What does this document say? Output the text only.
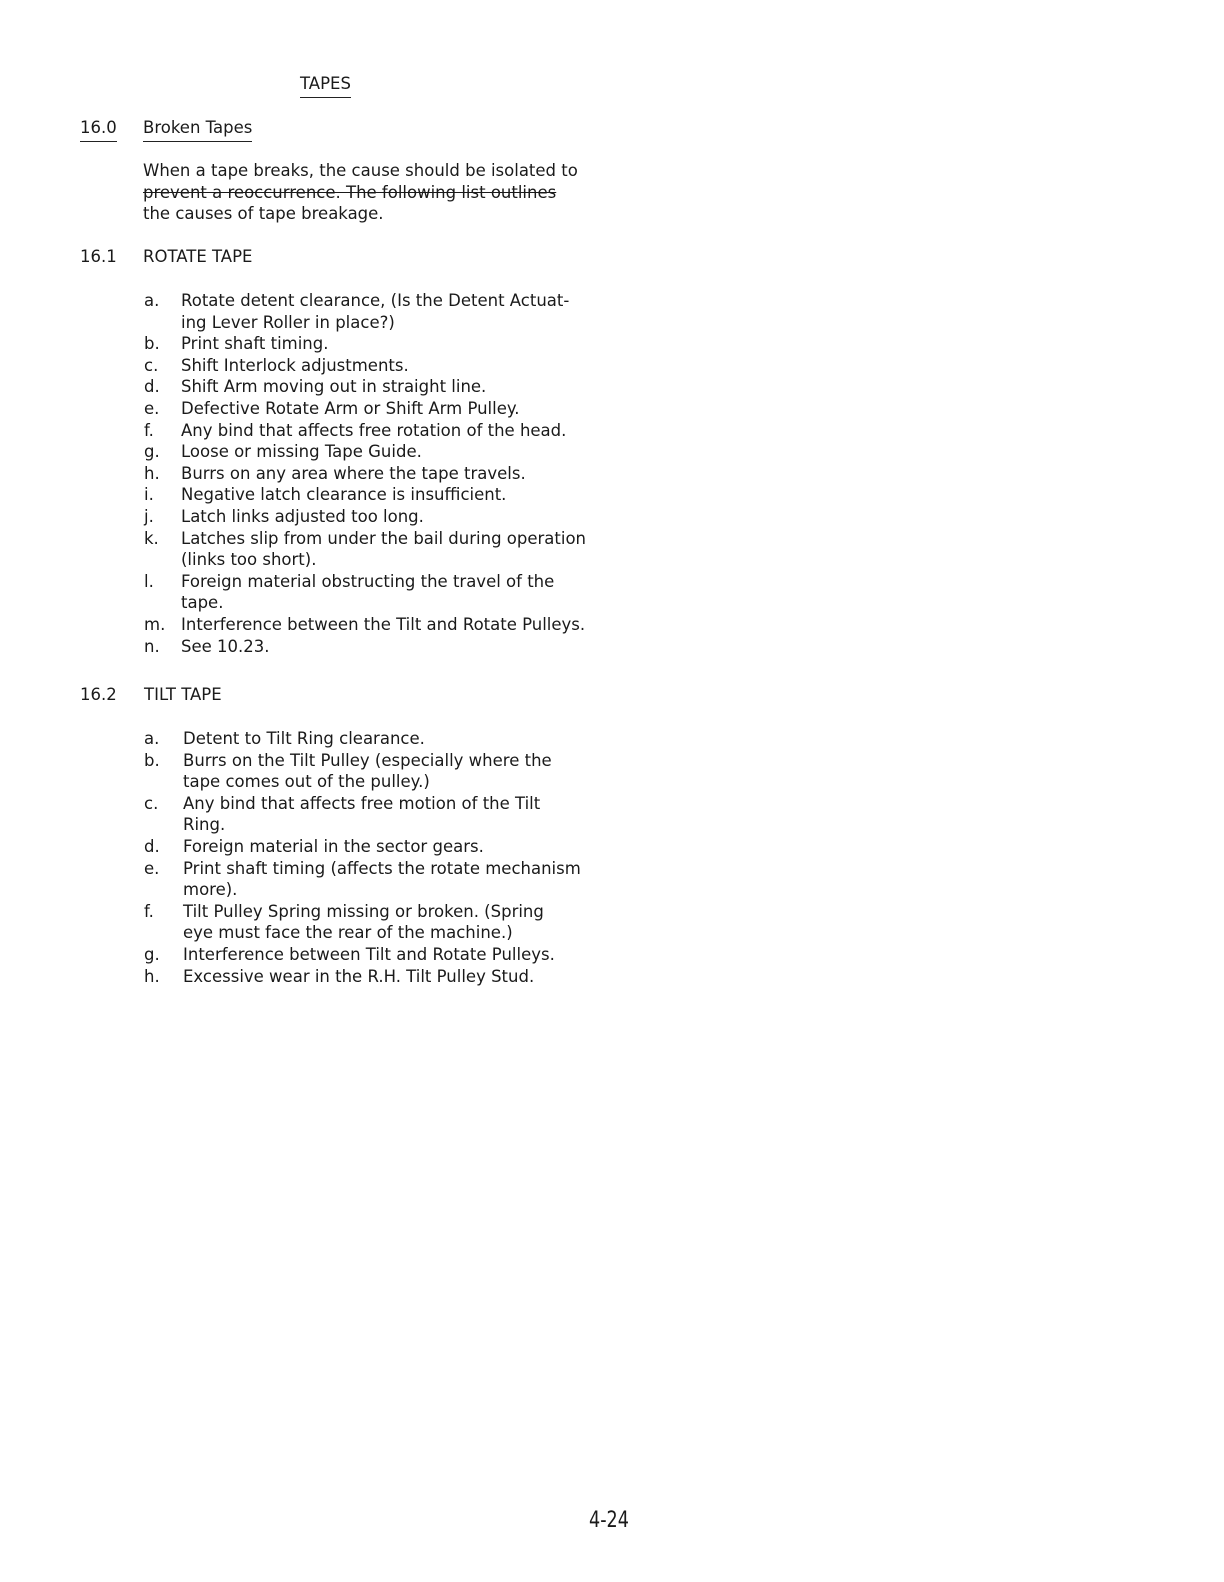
TAPES
4-24
16.0 Broken Tapes
When a tape breaks, the cause should be isolated to
prevent a reoccurrence. The following list outlines
the causes of tape breakage.
16.1 ROTATE TAPE
a. Rotate detent clearance, (Is the Detent Actuat-
ing Lever Roller in place?)
b. Print shaft timing.
c. Shift Interlock adjustments.
d. Shift Arm moving out in straight line.
e. Defective Rotate Arm or Shift Arm Pulley.
f. Any bind that affects free rotation of the head.
g. Loose or missing Tape Guide.
h. Burrs on any area where the tape travels.
i. Negative latch clearance is insufficient.
j. Latch links adjusted too long.
k. Latches slip from under the bail during operation
(links too short).
l. Foreign material obstructing the travel of the
tape.
m. Interference between the Tilt and Rotate Pulleys.
n. See 10.23.
16.2 TILT TAPE
a. Detent to Tilt Ring clearance.
b. Burrs on the Tilt Pulley (especially where the
tape comes out of the pulley.)
c. Any bind that affects free motion of the Tilt
Ring.
d. Foreign material in the sector gears.
e. Print shaft timing (affects the rotate mechanism
more).
f. Tilt Pulley Spring missing or broken. (Spring
eye must face the rear of the machine.)
g. Interference between Tilt and Rotate Pulleys.
h. Excessive wear in the R.H. Tilt Pulley Stud.
